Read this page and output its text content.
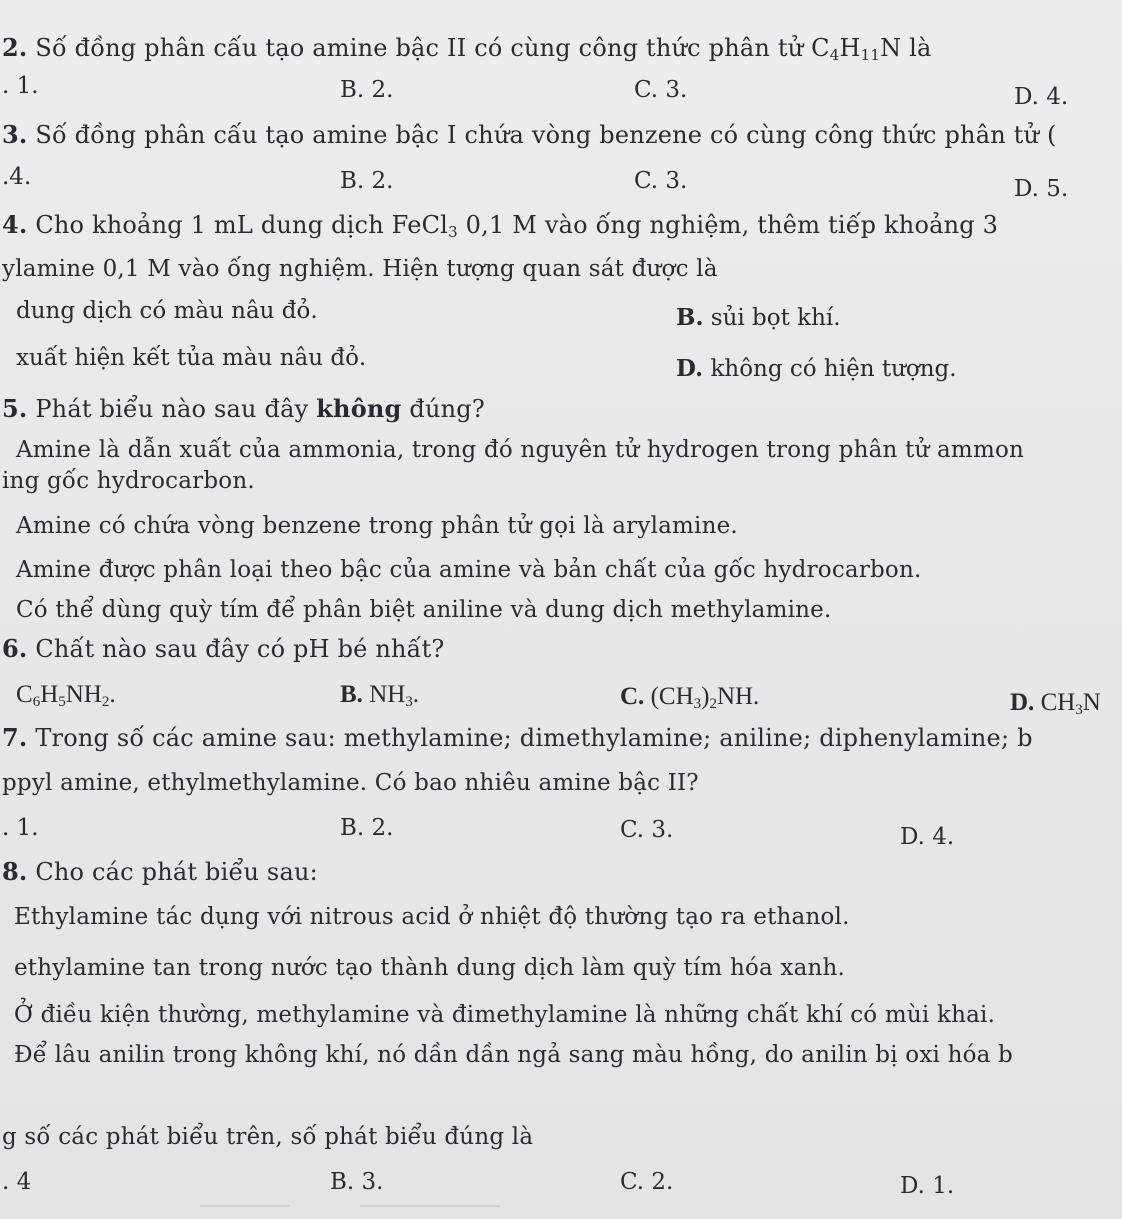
2. Số đồng phân cấu tạo amine bậc II có cùng công thức phân tử $C_4H_{11}N$ là
. 1.	B. 2.	C. 3.	D. 4.
3. Số đồng phân cấu tạo amine bậc I chứa vòng benzene có cùng công thức phân tử (
.4.	B. 2.	C. 3.	D. 5.
4. Cho khoảng 1 mL dung dịch FeCl$_3$ 0,1 M vào ống nghiệm, thêm tiếp khoảng 3
ylamine 0,1 M vào ống nghiệm. Hiện tượng quan sát được là
dung dịch có màu nâu đỏ.	B. sủi bọt khí.
xuất hiện kết tủa màu nâu đỏ.	D. không có hiện tượng.
5. Phát biểu nào sau đây không đúng?
Amine là dẫn xuất của ammonia, trong đó nguyên tử hydrogen trong phân tử ammon
ing gốc hydrocarbon.
Amine có chứa vòng benzene trong phân tử gọi là arylamine.
Amine được phân loại theo bậc của amine và bản chất của gốc hydrocarbon.
Có thể dùng quỳ tím để phân biệt aniline và dung dịch methylamine.
6. Chất nào sau đây có pH bé nhất?
$C_6H_5NH_2$.	B. $NH_3$.	C. $(CH_3)_2NH$.	D. $CH_3N$
7. Trong số các amine sau: methylamine; dimethylamine; aniline; diphenylamine; b
ppyl amine, ethylmethylamine. Có bao nhiêu amine bậc II?
. 1.	B. 2.	C. 3.	D. 4.
8. Cho các phát biểu sau:
Ethylamine tác dụng với nitrous acid ở nhiệt độ thường tạo ra ethanol.
ethylamine tan trong nước tạo thành dung dịch làm quỳ tím hóa xanh.
Ở điều kiện thường, methylamine và đimethylamine là những chất khí có mùi khai.
Để lâu anilin trong không khí, nó dần dần ngả sang màu hồng, do anilin bị oxi hóa b
g số các phát biểu trên, số phát biểu đúng là
. 4	B. 3.	C. 2.	D. 1.
